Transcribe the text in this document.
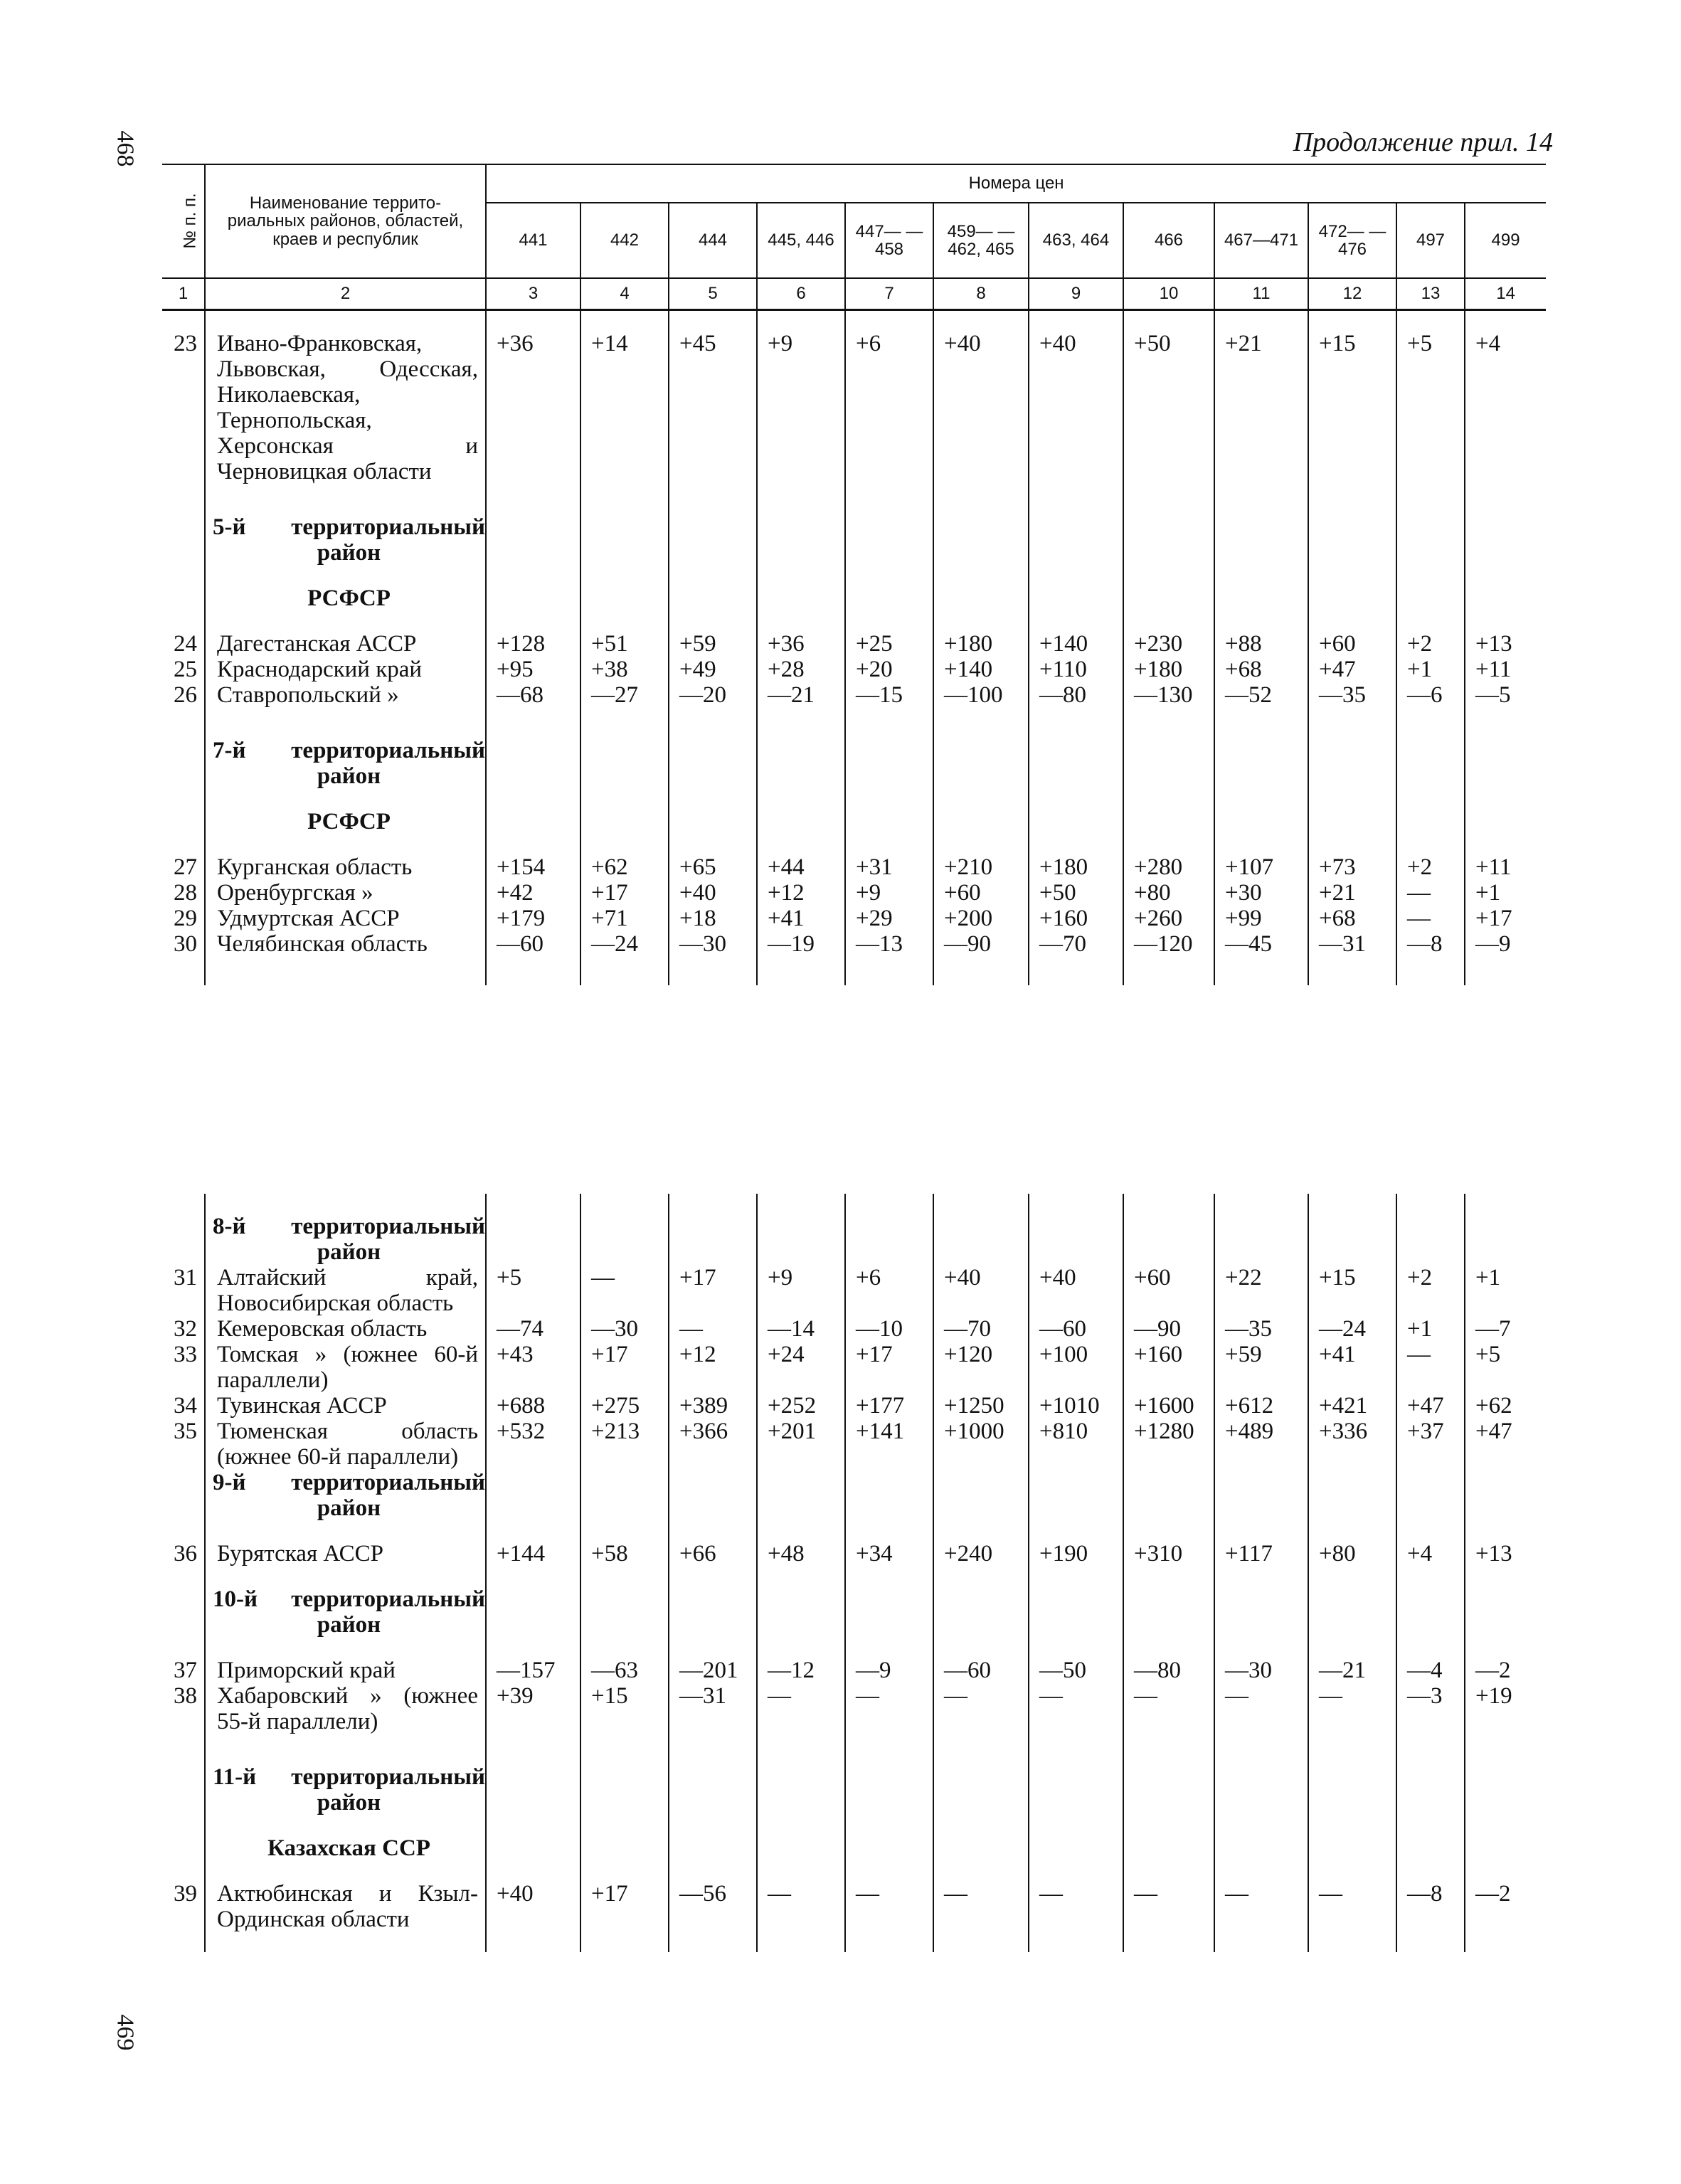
468
469
Продолжение прил. 14
№ п. п.	Наименование террито-риальных районов, областей, краев и республик	Номера цен											
		441	442	444	445, 446	447— —458	459— —462, 465	463, 464	466	467—471	472— —476	497	499
1	2	3	4	5	6	7	8	9	10	11	12	13	14

23	Ивано-Франковская, Львовская, Одесская, Николаевская, Тернопольская, Херсонская и Черновицкая области	+36	+14	+45	+9	+6	+40	+40	+50	+21	+15	+5	+4

	5-й территориальный
район												

	РСФСР												

24	Дагестанская АССР	+128	+51	+59	+36	+25	+180	+140	+230	+88	+60	+2	+13
25	Краснодарский край	+95	+38	+49	+28	+20	+140	+110	+180	+68	+47	+1	+11
26	Ставропольский »	—68	—27	—20	—21	—15	—100	—80	—130	—52	—35	—6	—5

	7-й территориальный
район												

	РСФСР												

27	Курганская область	+154	+62	+65	+44	+31	+210	+180	+280	+107	+73	+2	+11
28	Оренбургская »	+42	+17	+40	+12	+9	+60	+50	+80	+30	+21	—	+1
29	Удмуртская АССР	+179	+71	+18	+41	+29	+200	+160	+260	+99	+68	—	+17
30	Челябинская область	—60	—24	—30	—19	—13	—90	—70	—120	—45	—31	—8	—9

	8-й территориальный
район												

31	Алтайский край, Новосибирская область	+5	—	+17	+9	+6	+40	+40	+60	+22	+15	+2	+1
32	Кемеровская область	—74	—30	—	—14	—10	—70	—60	—90	—35	—24	+1	—7
33	Томская » (южнее 60-й параллели)	+43	+17	+12	+24	+17	+120	+100	+160	+59	+41	—	+5
34	Тувинская АССР	+688	+275	+389	+252	+177	+1250	+1010	+1600	+612	+421	+47	+62
35	Тюменская область (южнее 60-й параллели)	+532	+213	+366	+201	+141	+1000	+810	+1280	+489	+336	+37	+47

	9-й территориальный
район												

36	Бурятская АССР	+144	+58	+66	+48	+34	+240	+190	+310	+117	+80	+4	+13

	10-й территориальный
район												

37	Приморский край	—157	—63	—201	—12	—9	—60	—50	—80	—30	—21	—4	—2
38	Хабаровский » (южнее 55-й параллели)	+39	+15	—31	—	—	—	—	—	—	—	—3	+19

	11-й территориальный
район												

	Казахская ССР												

39	Актюбинская и Кзыл-Ординская области	+40	+17	—56	—	—	—	—	—	—	—	—8	—2
